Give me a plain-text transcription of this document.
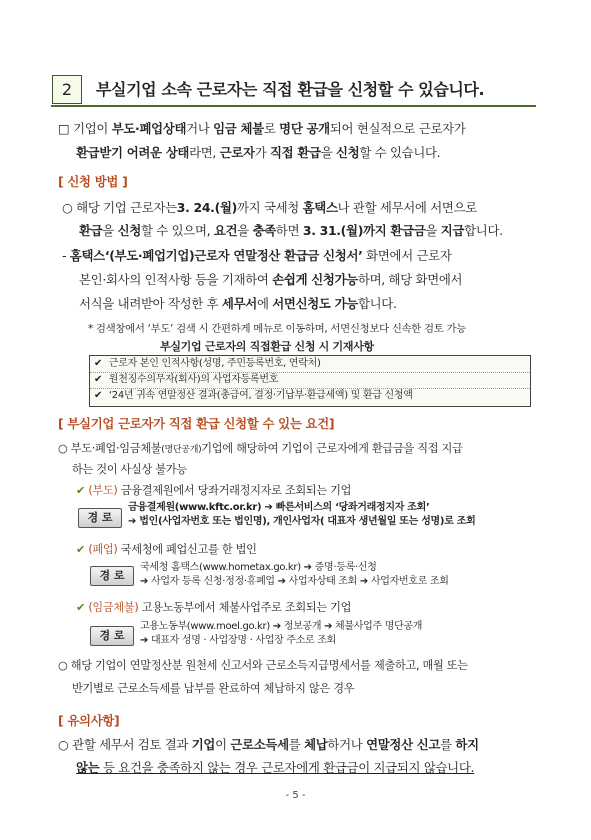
2	부실기업 소속 근로자는 직접 환급을 신청할 수 있습니다.
□ 기업이 부도·폐업상태거나 임금 체불로 명단 공개되어 현실적으로 근로자가
환급받기 어려운 상태라면, 근로자가 직접 환급을 신청할 수 있습니다.
[ 신청 방법 ]
○ 해당 기업 근로자는3. 24.(월)까지 국세청 홈택스나 관할 세무서에 서면으로
환급을 신청할 수 있으며, 요건을 충족하면 3. 31.(월)까지 환급금을 지급합니다.
- 홈택스‘(부도·폐업기업)근로자 연말정산 환급금 신청서’ 화면에서 근로자
본인·회사의 인적사항 등을 기재하여 손쉽게 신청가능하며, 해당 화면에서
서식을 내려받아 작성한 후 세무서에 서면신청도 가능합니다.
* 검색창에서 ‘부도’ 검색 시 간편하게 메뉴로 이동하며, 서면신청보다 신속한 검토 가능
부실기업 근로자의 직접환급 신청 시 기재사항
✔ 근로자 본인 인적사항(성명, 주민등록번호, 연락처)
✔ 원천징수의무자(회사)의 사업자등록번호
✔ ‘24년 귀속 연말정산 결과(총급여, 결정·기납부·환급세액) 및 환급 신청액
[ 부실기업 근로자가 직접 환급 신청할 수 있는 요건]
○ 부도·폐업·임금체불(명단공개)기업에 해당하여 기업이 근로자에게 환급금을 직접 지급
하는 것이 사실상 불가능
✔ (부도) 금융결제원에서 당좌거래정지자로 조회되는 기업
경 로
금융결제원(www.kftc.or.kr) ➔ 빠른서비스의 ‘당좌거래정지자 조회’
➔ 법인(사업자번호 또는 법인명), 개인사업자( 대표자 생년월일 또는 성명)로 조회
✔ (폐업) 국세청에 폐업신고를 한 법인
경 로
국세청 홈택스(www.hometax.go.kr) ➔ 증명·등록·신청
➔ 사업자 등록 신청·정정·휴폐업 ➔ 사업자상태 조회 ➔ 사업자번호로 조회
✔ (임금체불) 고용노동부에서 체불사업주로 조회되는 기업
경 로
고용노동부(www.moel.go.kr) ➔ 정보공개 ➔ 체불사업주 명단공개
➔ 대표자 성명 · 사업장명 · 사업장 주소로 조회
○ 해당 기업이 연말정산분 원천세 신고서와 근로소득지급명세서를 제출하고, 매월 또는
반기별로 근로소득세를 납부를 완료하여 체납하지 않은 경우
[ 유의사항]
○ 관할 세무서 검토 결과 기업이 근로소득세를 체납하거나 연말정산 신고를 하지
않는 등 요건을 충족하지 않는 경우 근로자에게 환급금이 지급되지 않습니다.
- 5 -
